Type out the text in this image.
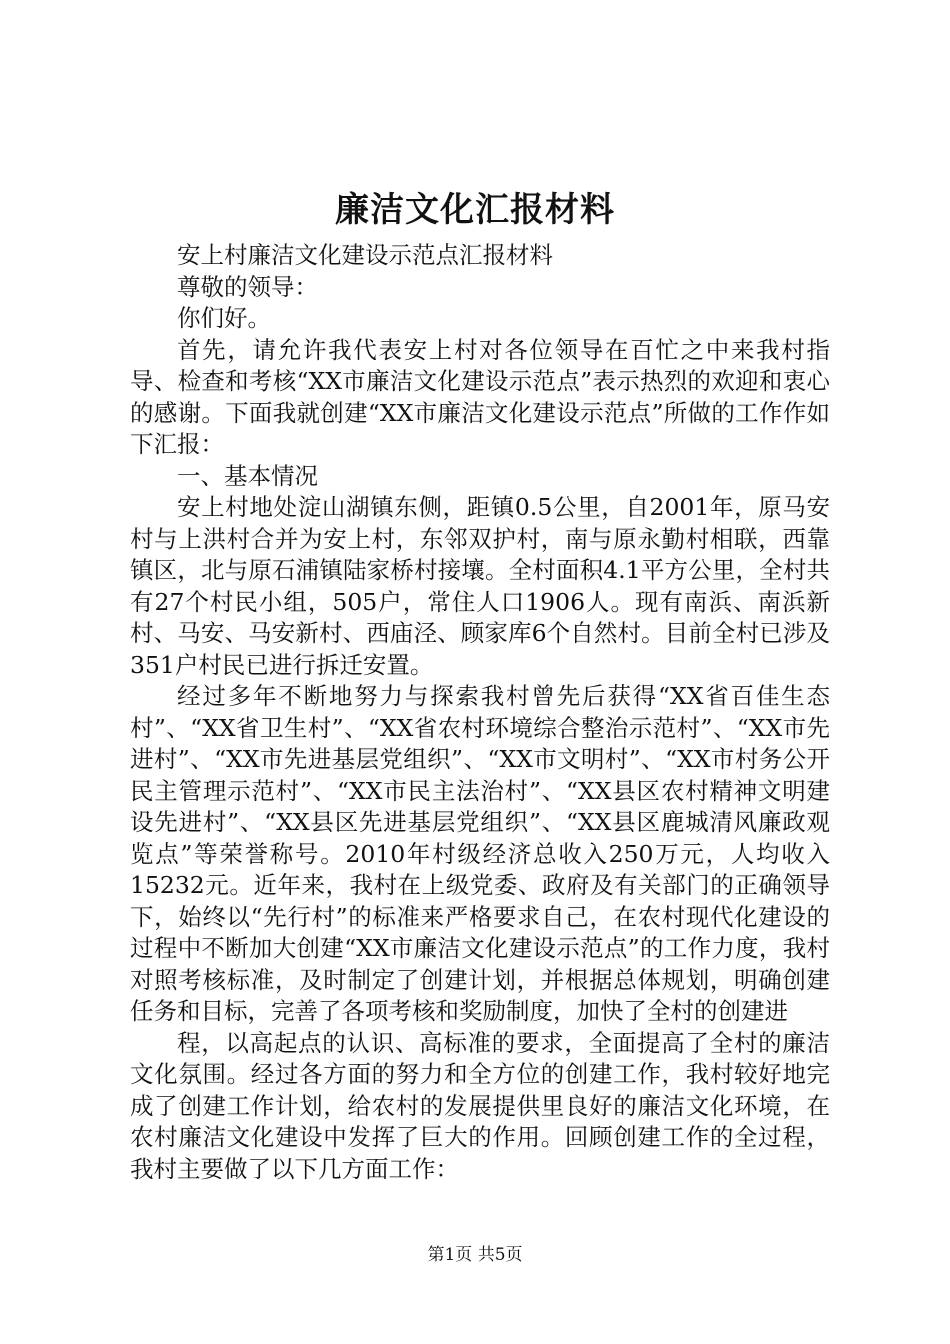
廉洁文化汇报材料

安上村廉洁文化建设示范点汇报材料

尊敬的领导：

你们好。

首先，请允许我代表安上村对各位领导在百忙之中来我村指导、检查和考核“XX市廉洁文化建设示范点”表示热烈的欢迎和衷心的感谢。下面我就创建“XX市廉洁文化建设示范点”所做的工作作如下汇报：

一、基本情况

安上村地处淀山湖镇东侧，距镇0.5公里，自2001年，原马安村与上洪村合并为安上村，东邻双护村，南与原永勤村相联，西靠镇区，北与原石浦镇陆家桥村接壤。全村面积4.1平方公里，全村共有27个村民小组，505户，常住人口1906人。现有南浜、南浜新村、马安、马安新村、西庙泾、顾家库6个自然村。目前全村已涉及351户村民已进行拆迁安置。

经过多年不断地努力与探索我村曾先后获得“XX省百佳生态村”、“XX省卫生村”、“XX省农村环境综合整治示范村”、“XX市先进村”、“XX市先进基层党组织”、“XX市文明村”、“XX市村务公开民主管理示范村”、“XX市民主法治村”、“XX县区农村精神文明建设先进村”、“XX县区先进基层党组织”、“XX县区鹿城清风廉政观览点”等荣誉称号。2010年村级经济总收入250万元，人均收入15232元。近年来，我村在上级党委、政府及有关部门的正确领导下，始终以“先行村”的标准来严格要求自己，在农村现代化建设的过程中不断加大创建“XX市廉洁文化建设示范点”的工作力度，我村对照考核标准，及时制定了创建计划，并根据总体规划，明确创建任务和目标，完善了各项考核和奖励制度，加快了全村的创建进

程，以高起点的认识、高标准的要求，全面提高了全村的廉洁文化氛围。经过各方面的努力和全方位的创建工作，我村较好地完成了创建工作计划，给农村的发展提供里良好的廉洁文化环境，在农村廉洁文化建设中发挥了巨大的作用。回顾创建工作的全过程，我村主要做了以下几方面工作：

第1页 共5页
